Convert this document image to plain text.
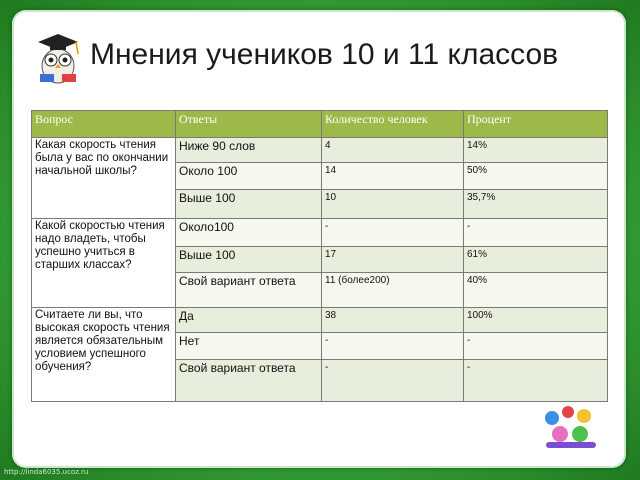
Мнения учеников 10 и 11 классов
Вопрос	Ответы	Количество человек	Процент
Какая скорость чтения была у вас по окончании начальной школы?	Ниже 90 слов	4	14%
	Около 100	14	50%
	Выше 100	10	35,7%
Какой скоростью чтения надо владеть, чтобы успешно учиться в старших классах?	Около100	-	-
	Выше 100	17	61%
	Свой вариант ответа	11 (более200)	40%
Считаете ли вы, что высокая скорость чтения является обязательным условием успешного обучения?	Да	38	100%
	Нет	-	-
	Свой вариант ответа	-	-
http://linda6035.ucoz.ru
